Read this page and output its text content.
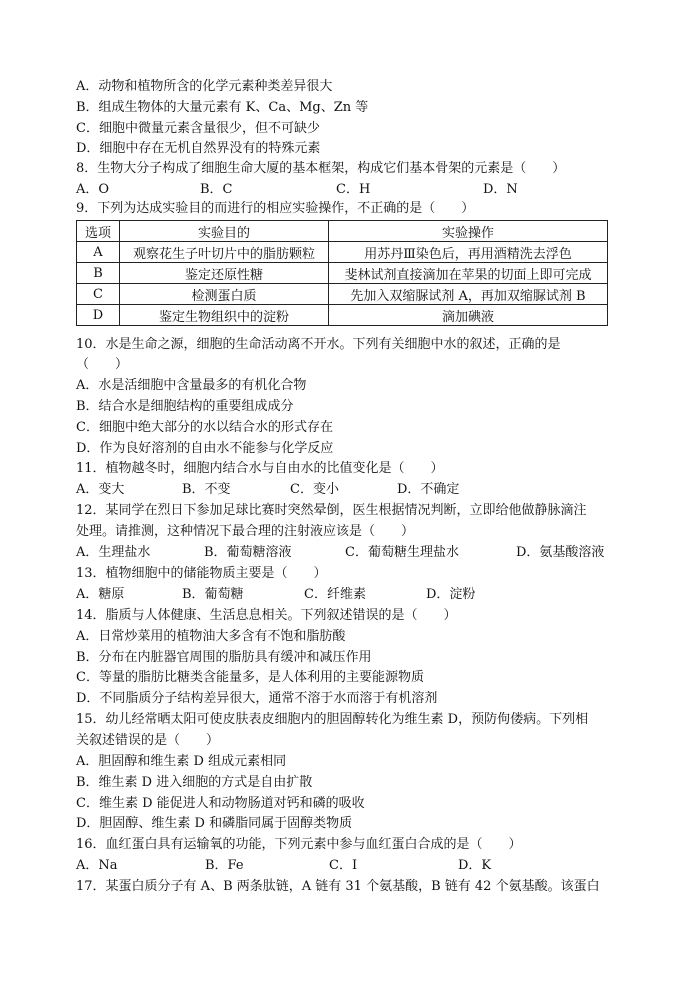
A．动物和植物所含的化学元素种类差异很大
B．组成生物体的大量元素有 K、Ca、Mg、Zn 等
C．细胞中微量元素含量很少，但不可缺少
D．细胞中存在无机自然界没有的特殊元素
8．生物大分子构成了细胞生命大厦的基本框架，构成它们基本骨架的元素是（　　）
A．O	B．C	C．H	D．N
9．下列为达成实验目的而进行的相应实验操作，不正确的是（　　）
选项	实验目的	实验操作
A	观察花生子叶切片中的脂肪颗粒	用苏丹Ⅲ染色后，再用酒精洗去浮色
B	鉴定还原性糖	斐林试剂直接滴加在苹果的切面上即可完成
C	检测蛋白质	先加入双缩脲试剂 A，再加双缩脲试剂 B
D	鉴定生物组织中的淀粉	滴加碘液
10．水是生命之源，细胞的生命活动离不开水。下列有关细胞中水的叙述，正确的是
（　　）
A．水是活细胞中含量最多的有机化合物
B．结合水是细胞结构的重要组成成分
C．细胞中绝大部分的水以结合水的形式存在
D．作为良好溶剂的自由水不能参与化学反应
11．植物越冬时，细胞内结合水与自由水的比值变化是（　　）
A．变大	B．不变	C．变小	D．不确定
12．某同学在烈日下参加足球比赛时突然晕倒，医生根据情况判断，立即给他做静脉滴注
处理。请推测，这种情况下最合理的注射液应该是（　　）
A．生理盐水	B．葡萄糖溶液	C．葡萄糖生理盐水	D．氨基酸溶液
13．植物细胞中的储能物质主要是（　　）
A．糖原	B．葡萄糖	C．纤维素	D．淀粉
14．脂质与人体健康、生活息息相关。下列叙述错误的是（　　）
A．日常炒菜用的植物油大多含有不饱和脂肪酸
B．分布在内脏器官周围的脂肪具有缓冲和减压作用
C．等量的脂肪比糖类含能量多，是人体利用的主要能源物质
D．不同脂质分子结构差异很大，通常不溶于水而溶于有机溶剂
15．幼儿经常晒太阳可使皮肤表皮细胞内的胆固醇转化为维生素 D，预防佝偻病。下列相
关叙述错误的是（　　）
A．胆固醇和维生素 D 组成元素相同
B．维生素 D 进入细胞的方式是自由扩散
C．维生素 D 能促进人和动物肠道对钙和磷的吸收
D．胆固醇、维生素 D 和磷脂同属于固醇类物质
16．血红蛋白具有运输氧的功能，下列元素中参与血红蛋白合成的是（　　）
A．Na	B．Fe	C．I	D．K
17．某蛋白质分子有 A、B 两条肽链，A 链有 31 个氨基酸，B 链有 42 个氨基酸。该蛋白
